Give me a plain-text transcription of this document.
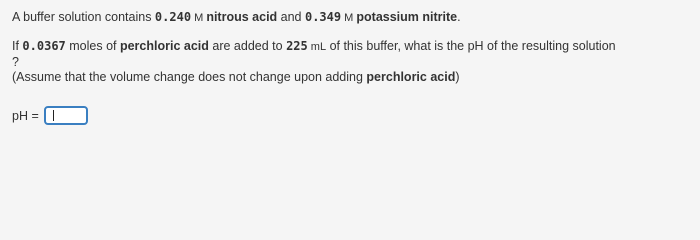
A buffer solution contains 0.240 M nitrous acid and 0.349 M potassium nitrite.
If 0.0367 moles of perchloric acid are added to 225 mL of this buffer, what is the pH of the resulting solution
?
(Assume that the volume change does not change upon adding perchloric acid)
pH =
